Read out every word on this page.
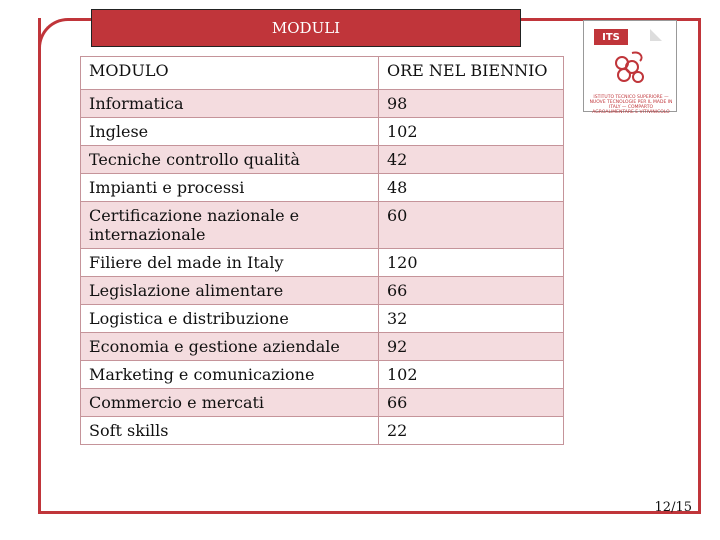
MODULI
MODULO	ORE NEL BIENNIO
Informatica	98
Inglese	102
Tecniche controllo qualità	42
Impianti e processi	48
Certificazione nazionale e internazionale	60
Filiere del made in Italy	120
Legislazione alimentare	66
Logistica e distribuzione	32
Economia e gestione aziendale	92
Marketing e comunicazione	102
Commercio e mercati	66
Soft skills	22
ITS
ISTITUTO TECNICO SUPERIORE — NUOVE TECNOLOGIE PER IL MADE IN ITALY — COMPARTO AGROALIMENTARE E VITIVINICOLO
12/15
